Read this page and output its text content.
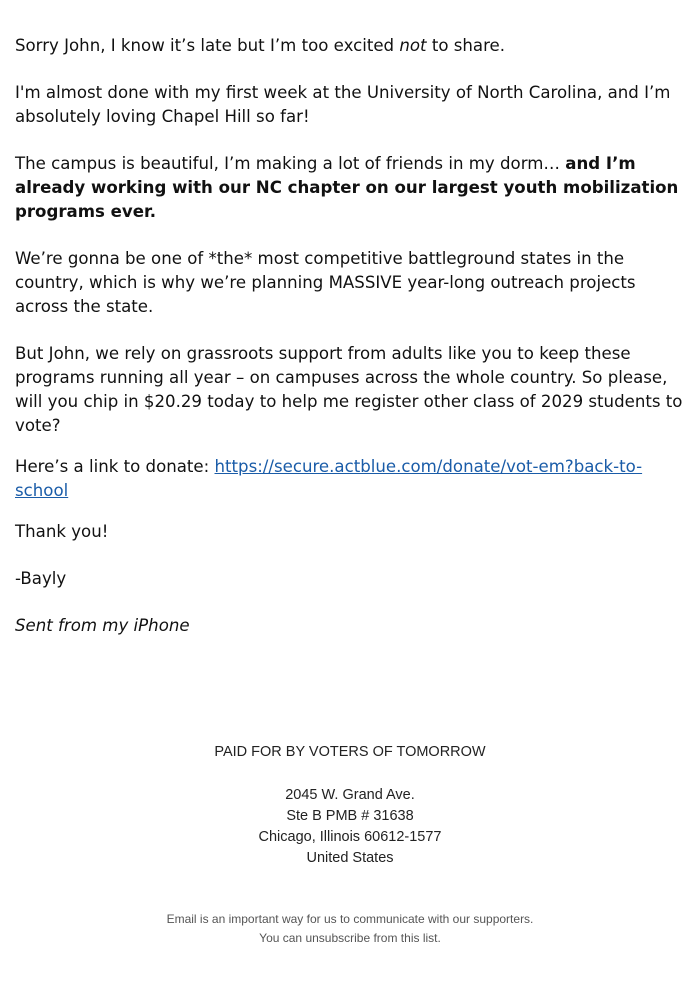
Sorry John, I know it’s late but I’m too excited not to share.

I'm almost done with my first week at the University of North Carolina, and I’m absolutely loving Chapel Hill so far!

The campus is beautiful, I’m making a lot of friends in my dorm… and I’m already working with our NC chapter on our largest youth mobilization programs ever.

We’re gonna be one of *the* most competitive battleground states in the country, which is why we’re planning MASSIVE year-long outreach projects across the state.

But John, we rely on grassroots support from adults like you to keep these programs running all year – on campuses across the whole country. So please, will you chip in $20.29 today to help me register other class of 2029 students to vote?

Here’s a link to donate: https://secure.actblue.com/donate/vot-em?back-to-school

Thank you!

-Bayly

Sent from my iPhone

PAID FOR BY VOTERS OF TOMORROW
2045 W. Grand Ave.
Ste B PMB # 31638
Chicago, Illinois 60612-1577
United States
Email is an important way for us to communicate with our supporters.
You can unsubscribe from this list.
